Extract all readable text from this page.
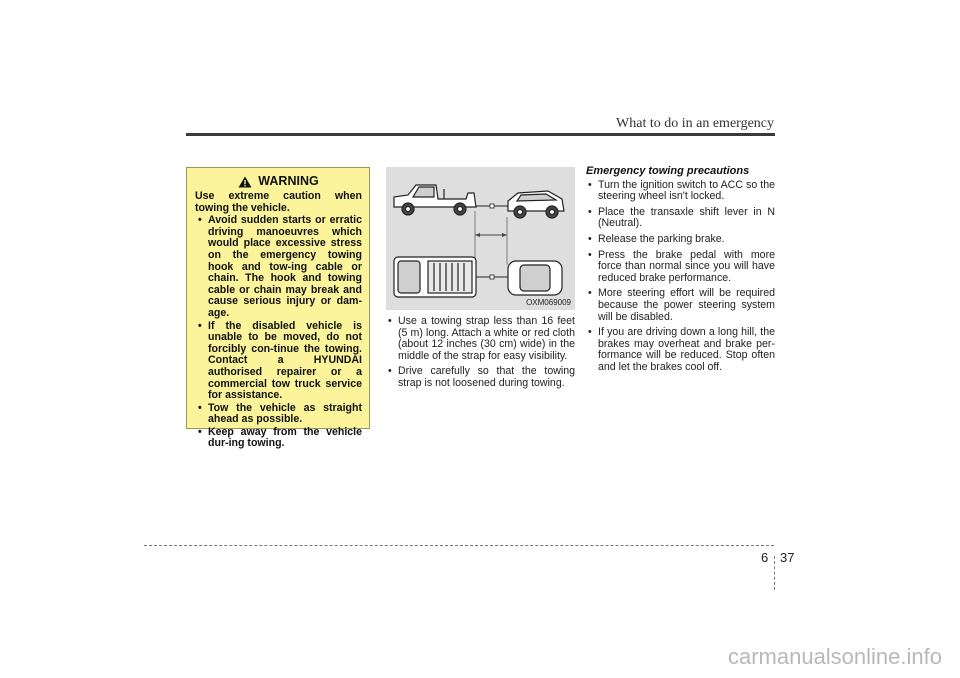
What to do in an emergency
WARNING

Use extreme caution when towing the vehicle.

• Avoid sudden starts or erratic driving manoeuvres which would place excessive stress on the emergency towing hook and tow-ing cable or chain. The hook and towing cable or chain may break and cause serious injury or dam-age.
• If the disabled vehicle is unable to be moved, do not forcibly con-tinue the towing. Contact a HYUNDAI authorised repairer or a commercial tow truck service for assistance.
• Tow the vehicle as straight ahead as possible.
• Keep away from the vehicle dur-ing towing.
OXM069009
• Use a towing strap less than 16 feet (5 m) long. Attach a white or red cloth (about 12 inches (30 cm) wide) in the middle of the strap for easy visibility.
• Drive carefully so that the towing strap is not loosened during towing.
Emergency towing precautions
• Turn the ignition switch to ACC so the steering wheel isn't locked.
• Place the transaxle shift lever in N (Neutral).
• Release the parking brake.
• Press the brake pedal with more force than normal since you will have reduced brake performance.
• More steering effort will be required because the power steering system will be disabled.
• If you are driving down a long hill, the brakes may overheat and brake per-formance will be reduced. Stop often and let the brakes cool off.
6 37
carmanualsonline.info
